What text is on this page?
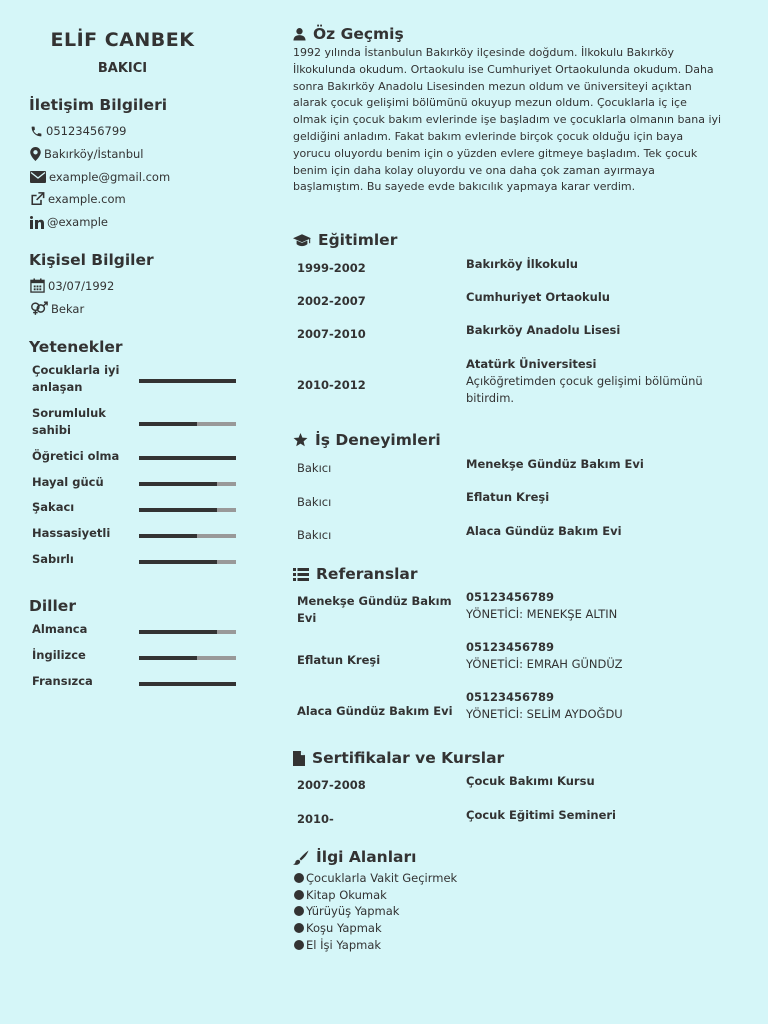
ELİF CANBEK
BAKICI
İletişim Bilgileri
05123456799
Bakırköy/İstanbul
example@gmail.com
example.com
@example
Kişisel Bilgiler
03/07/1992
Bekar
Yetenekler
Çocuklarla iyi
anlaşan
Sorumluluk
sahibi
Öğretici olma
Hayal gücü
Şakacı
Hassasiyetli
Sabırlı
Diller
Almanca
İngilizce
Fransızca
Öz Geçmiş
1992 yılında İstanbulun Bakırköy ilçesinde doğdum. İlkokulu Bakırköy İlkokulunda okudum. Ortaokulu ise Cumhuriyet Ortaokulunda okudum. Daha sonra Bakırköy Anadolu Lisesinden mezun oldum ve üniversiteyi açıktan alarak çocuk gelişimi bölümünü okuyup mezun oldum. Çocuklarla iç içe olmak için çocuk bakım evlerinde işe başladım ve çocuklarla olmanın bana iyi geldiğini anladım. Fakat bakım evlerinde birçok çocuk olduğu için baya yorucu oluyordu benim için o yüzden evlere gitmeye başladım. Tek çocuk benim için daha kolay oluyordu ve ona daha çok zaman ayırmaya başlamıştım. Bu sayede evde bakıcılık yapmaya karar verdim.
Eğitimler
1999-2002	Bakırköy İlkokulu
2002-2007	Cumhuriyet Ortaokulu
2007-2010	Bakırköy Anadolu Lisesi
2010-2012
Atatürk Üniversitesi
Açıköğretimden çocuk gelişimi bölümünü bitirdim.
İş Deneyimleri
Bakıcı	Menekşe Gündüz Bakım Evi
Bakıcı	Eflatun Kreşi
Bakıcı	Alaca Gündüz Bakım Evi
Referanslar
Menekşe Gündüz Bakım Evi
05123456789
YÖNETİCİ: MENEKŞE ALTIN
Eflatun Kreşi
05123456789
YÖNETİCİ: EMRAH GÜNDÜZ
Alaca Gündüz Bakım Evi
05123456789
YÖNETİCİ: SELİM AYDOĞDU
Sertifikalar ve Kurslar
2007-2008	Çocuk Bakımı Kursu
2010-	Çocuk Eğitimi Semineri
İlgi Alanları
Çocuklarla Vakit Geçirmek
Kitap Okumak
Yürüyüş Yapmak
Koşu Yapmak
El İşi Yapmak
